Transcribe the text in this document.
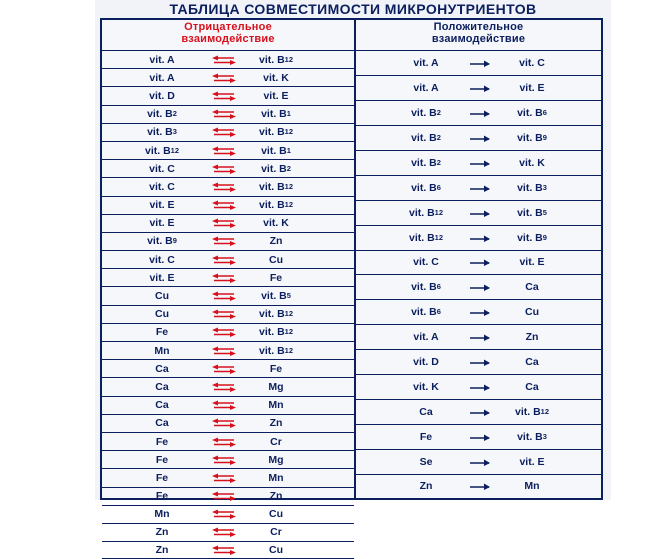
ТАБЛИЦА СОВМЕСТИМОСТИ МИКРОНУТРИЕНТОВ
Отрицательное
взаимодействие
Положительное
взаимодействие
vit. A	vit. B 12
vit. A	vit. K
vit. D	vit. E
vit. B 2	vit. B 1
vit. B 3	vit. B 12
vit. B 12	vit. B 1
vit. C	vit. B 2
vit. C	vit. B 12
vit. E	vit. B 12
vit. E	vit. K
vit. B 9	Zn
vit. C	Cu
vit. E	Fe
Cu	vit. B 5
Cu	vit. B 12
Fe	vit. B 12
Mn	vit. B 12
Ca	Fe
Ca	Mg
Ca	Mn
Ca	Zn
Fe	Cr
Fe	Mg
Fe	Mn
Fe	Zn
Mn	Cu
Zn	Cr
Zn	Cu
vit. A	vit. C
vit. A	vit. E
vit. B 2	vit. B 6
vit. B 2	vit. B 9
vit. B 2	vit. K
vit. B 6	vit. B 3
vit. B 12	vit. B 5
vit. B 12	vit. B 9
vit. C	vit. E
vit. B 6	Ca
vit. B 6	Cu
vit. A	Zn
vit. D	Ca
vit. K	Ca
Ca	vit. B 12
Fe	vit. B 3
Se	vit. E
Zn	Mn
